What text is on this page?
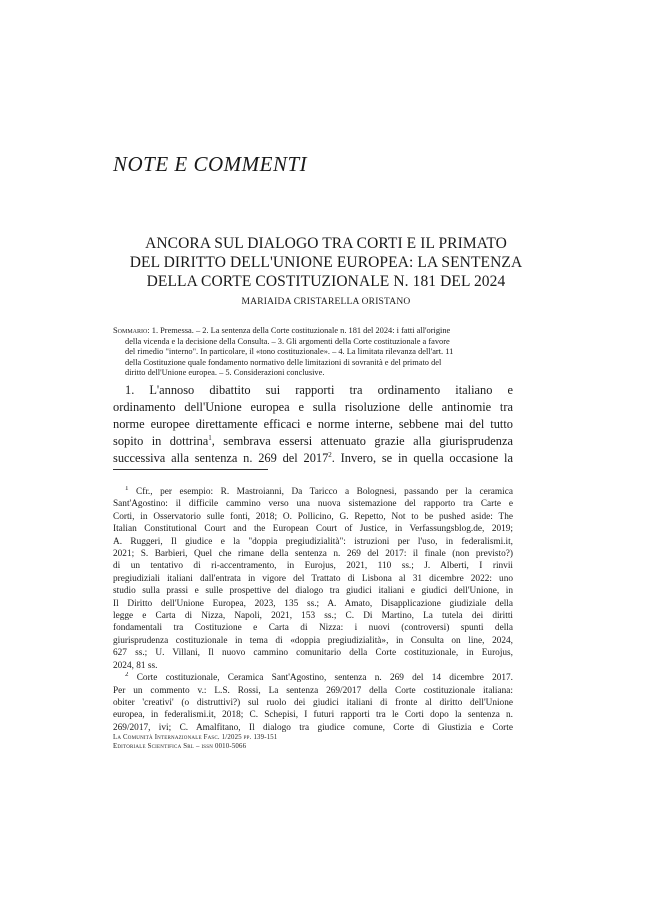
NOTE E COMMENTI
ANCORA SUL DIALOGO TRA CORTI E IL PRIMATO
DEL DIRITTO DELL'UNIONE EUROPEA: LA SENTENZA
DELLA CORTE COSTITUZIONALE N. 181 DEL 2024
MARIAIDA CRISTARELLA ORISTANO
Sommario: 1. Premessa. – 2. La sentenza della Corte costituzionale n. 181 del 2024: i fatti all'origine
della vicenda e la decisione della Consulta. – 3. Gli argomenti della Corte costituzionale a favore
del rimedio "interno". In particolare, il «tono costituzionale». – 4. La limitata rilevanza dell'art. 11
della Costituzione quale fondamento normativo delle limitazioni di sovranità e del primato del
diritto dell'Unione europea. – 5. Considerazioni conclusive.
1. L'annoso dibattito sui rapporti tra ordinamento italiano e
ordinamento dell'Unione europea e sulla risoluzione delle antinomie tra
norme europee direttamente efficaci e norme interne, sebbene mai del tutto
sopito in dottrina$^1$, sembrava essersi attenuato grazie alla giurisprudenza
successiva alla sentenza n. 269 del 2017$^2$. Invero, se in quella occasione la
$^1$ Cfr., per esempio: R. Mastroianni, Da Taricco a Bolognesi, passando per la ceramica
Sant'Agostino: il difficile cammino verso una nuova sistemazione del rapporto tra Carte e
Corti, in Osservatorio sulle fonti, 2018; O. Pollicino, G. Repetto, Not to be pushed aside: The
Italian Constitutional Court and the European Court of Justice, in Verfassungsblog.de, 2019;
A. Ruggeri, Il giudice e la "doppia pregiudizialità": istruzioni per l'uso, in federalismi.it,
2021; S. Barbieri, Quel che rimane della sentenza n. 269 del 2017: il finale (non previsto?)
di un tentativo di ri-accentramento, in Eurojus, 2021, 110 ss.; J. Alberti, I rinvii
pregiudiziali italiani dall'entrata in vigore del Trattato di Lisbona al 31 dicembre 2022: uno
studio sulla prassi e sulle prospettive del dialogo tra giudici italiani e giudici dell'Unione, in
Il Diritto dell'Unione Europea, 2023, 135 ss.; A. Amato, Disapplicazione giudiziale della
legge e Carta di Nizza, Napoli, 2021, 153 ss.; C. Di Martino, La tutela dei diritti
fondamentali tra Costituzione e Carta di Nizza: i nuovi (controversi) spunti della
giurisprudenza costituzionale in tema di «doppia pregiudizialità», in Consulta on line, 2024,
627 ss.; U. Villani, Il nuovo cammino comunitario della Corte costituzionale, in Eurojus,
2024, 81 ss.
$^2$ Corte costituzionale, Ceramica Sant'Agostino, sentenza n. 269 del 14 dicembre 2017.
Per un commento v.: L.S. Rossi, La sentenza 269/2017 della Corte costituzionale italiana:
obiter 'creativi' (o distruttivi?) sul ruolo dei giudici italiani di fronte al diritto dell'Unione
europea, in federalismi.it, 2018; C. Schepisi, I futuri rapporti tra le Corti dopo la sentenza n.
269/2017, ivi; C. Amalfitano, Il dialogo tra giudice comune, Corte di Giustizia e Corte
La Comunità Internazionale Fasc. 1/2025 pp. 139-151
Editoriale Scientifica Srl – issn 0010-5066
